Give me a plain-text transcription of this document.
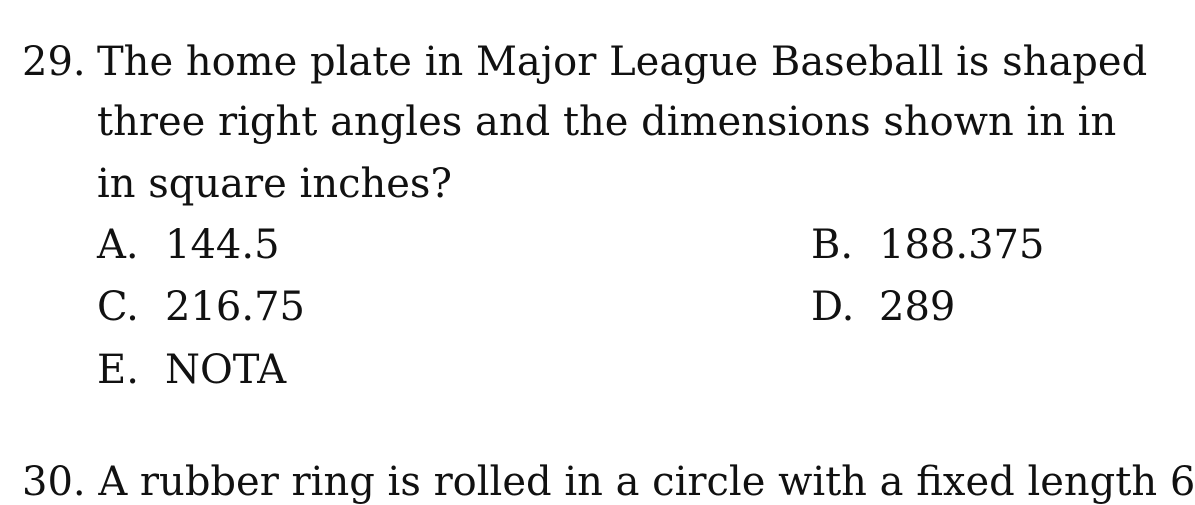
29. The home plate in Major League Baseball is shaped
three right angles and the dimensions shown in in
in square inches?
A. 144.5	B. 188.375
C. 216.75	D. 289
E. NOTA
30. A rubber ring is rolled in a circle with a fixed length 6
